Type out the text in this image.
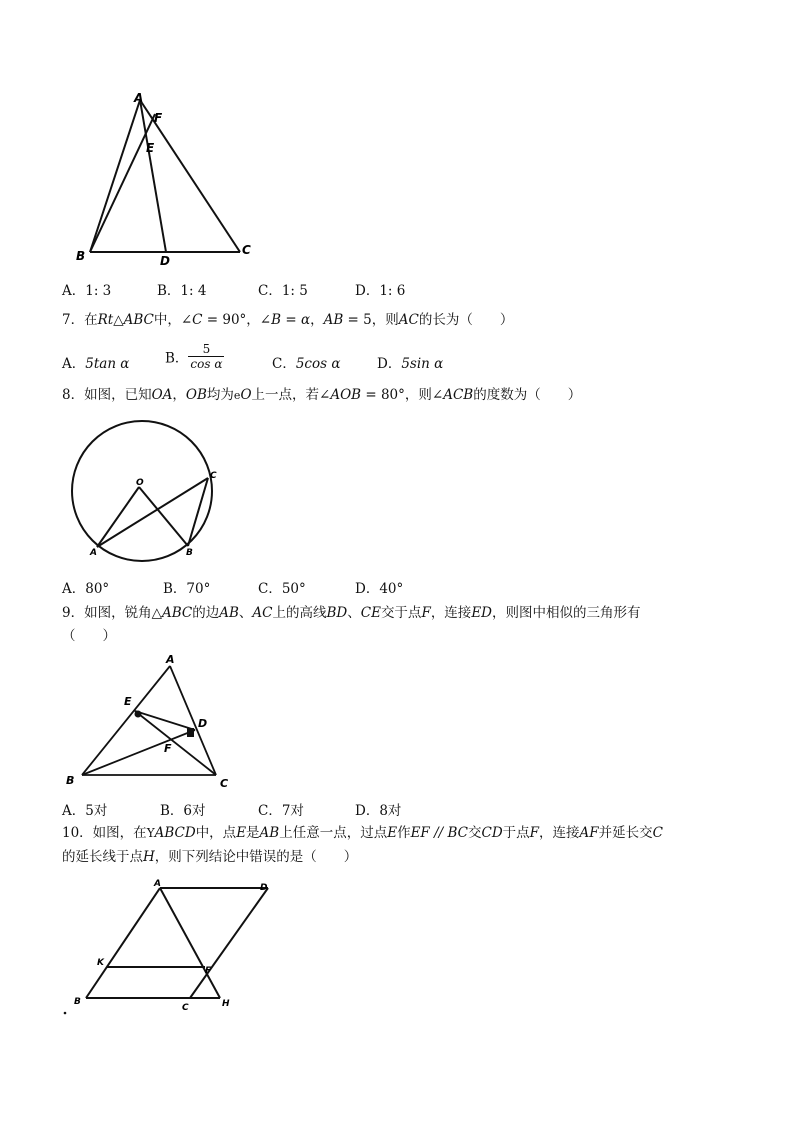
A
F
E
B	D
C
A．1: 3	B．1: 4	C．1: 5	D．1: 6
7．在Rt△ABC中，∠C = 90°，∠B = α，AB = 5，则AC的长为（　　）
A．5tan α	B． $\frac{5}{\text{cos α}}$	C．5cos α	D．5sin α
8．如图，已知OA，OB均为eO上一点，若∠AOB = 80°，则∠ACB的度数为（　　）
O
A	B
C
A．80°	B．70°	C．50°	D．40°
9．如图，锐角△ABC的边AB、AC上的高线BD、CE交于点F，连接ED，则图中相似的三角形有
（　　）
A
E
D
F
B	C
A．5对	B．6对	C．7对	D．8对
10．如图，在YABCD中，点E是AB上任意一点，过点E作EF // BC交CD于点F，连接AF并延长交C
的延长线于点H，则下列结论中错误的是（　　）
A	D
K
F
B
C	H
